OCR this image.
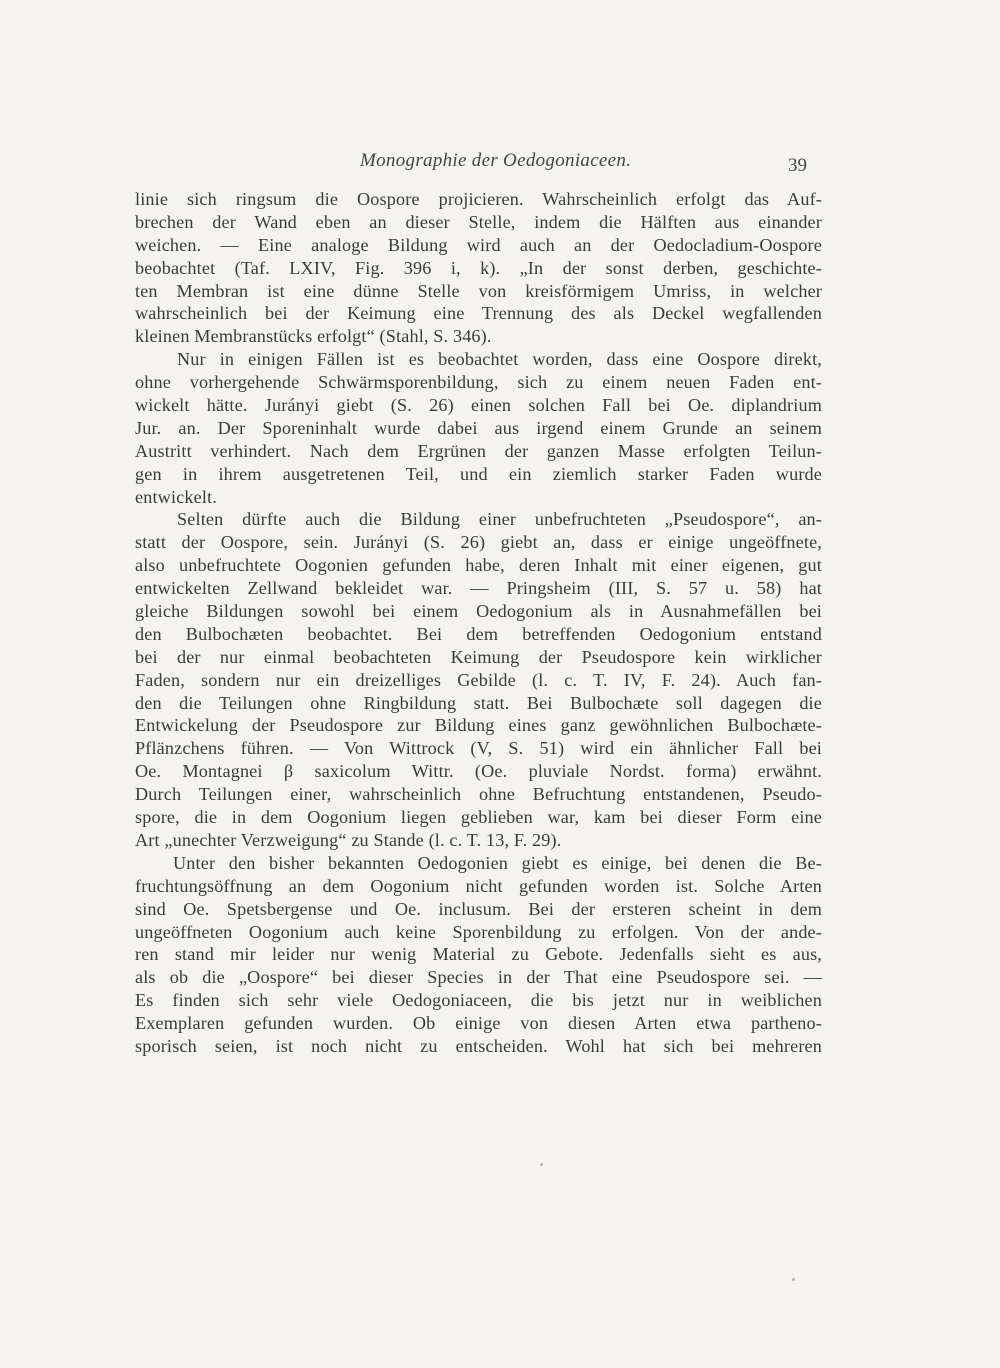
Monographie der Oedogoniaceen.	39
linie sich ringsum die Oospore projicieren. Wahrscheinlich erfolgt das Auf-
brechen der Wand eben an dieser Stelle, indem die Hälften aus einander
weichen. — Eine analoge Bildung wird auch an der Oedocladium-Oospore
beobachtet (Taf. LXIV, Fig. 396 i, k). „In der sonst derben, geschichte-
ten Membran ist eine dünne Stelle von kreisförmigem Umriss, in welcher
wahrscheinlich bei der Keimung eine Trennung des als Deckel wegfallenden
kleinen Membranstücks erfolgt“ (Stahl, S. 346).
Nur in einigen Fällen ist es beobachtet worden, dass eine Oospore direkt,
ohne vorhergehende Schwärmsporenbildung, sich zu einem neuen Faden ent-
wickelt hätte. Jurányi giebt (S. 26) einen solchen Fall bei Oe. diplandrium
Jur. an. Der Sporeninhalt wurde dabei aus irgend einem Grunde an seinem
Austritt verhindert. Nach dem Ergrünen der ganzen Masse erfolgten Teilun-
gen in ihrem ausgetretenen Teil, und ein ziemlich starker Faden wurde
entwickelt.
Selten dürfte auch die Bildung einer unbefruchteten „Pseudospore“, an-
statt der Oospore, sein. Jurányi (S. 26) giebt an, dass er einige ungeöffnete,
also unbefruchtete Oogonien gefunden habe, deren Inhalt mit einer eigenen, gut
entwickelten Zellwand bekleidet war. — Pringsheim (III, S. 57 u. 58) hat
gleiche Bildungen sowohl bei einem Oedogonium als in Ausnahmefällen bei
den Bulbochæten beobachtet. Bei dem betreffenden Oedogonium entstand
bei der nur einmal beobachteten Keimung der Pseudospore kein wirklicher
Faden, sondern nur ein dreizelliges Gebilde (l. c. T. IV, F. 24). Auch fan-
den die Teilungen ohne Ringbildung statt. Bei Bulbochæte soll dagegen die
Entwickelung der Pseudospore zur Bildung eines ganz gewöhnlichen Bulbochæte-
Pflänzchens führen. — Von Wittrock (V, S. 51) wird ein ähnlicher Fall bei
Oe. Montagnei β saxicolum Wittr. (Oe. pluviale Nordst. forma) erwähnt.
Durch Teilungen einer, wahrscheinlich ohne Befruchtung entstandenen, Pseudo-
spore, die in dem Oogonium liegen geblieben war, kam bei dieser Form eine
Art „unechter Verzweigung“ zu Stande (l. c. T. 13, F. 29).
Unter den bisher bekannten Oedogonien giebt es einige, bei denen die Be-
fruchtungsöffnung an dem Oogonium nicht gefunden worden ist. Solche Arten
sind Oe. Spetsbergense und Oe. inclusum. Bei der ersteren scheint in dem
ungeöffneten Oogonium auch keine Sporenbildung zu erfolgen. Von der ande-
ren stand mir leider nur wenig Material zu Gebote. Jedenfalls sieht es aus,
als ob die „Oospore“ bei dieser Species in der That eine Pseudospore sei. —
Es finden sich sehr viele Oedogoniaceen, die bis jetzt nur in weiblichen
Exemplaren gefunden wurden. Ob einige von diesen Arten etwa partheno-
sporisch seien, ist noch nicht zu entscheiden. Wohl hat sich bei mehreren
